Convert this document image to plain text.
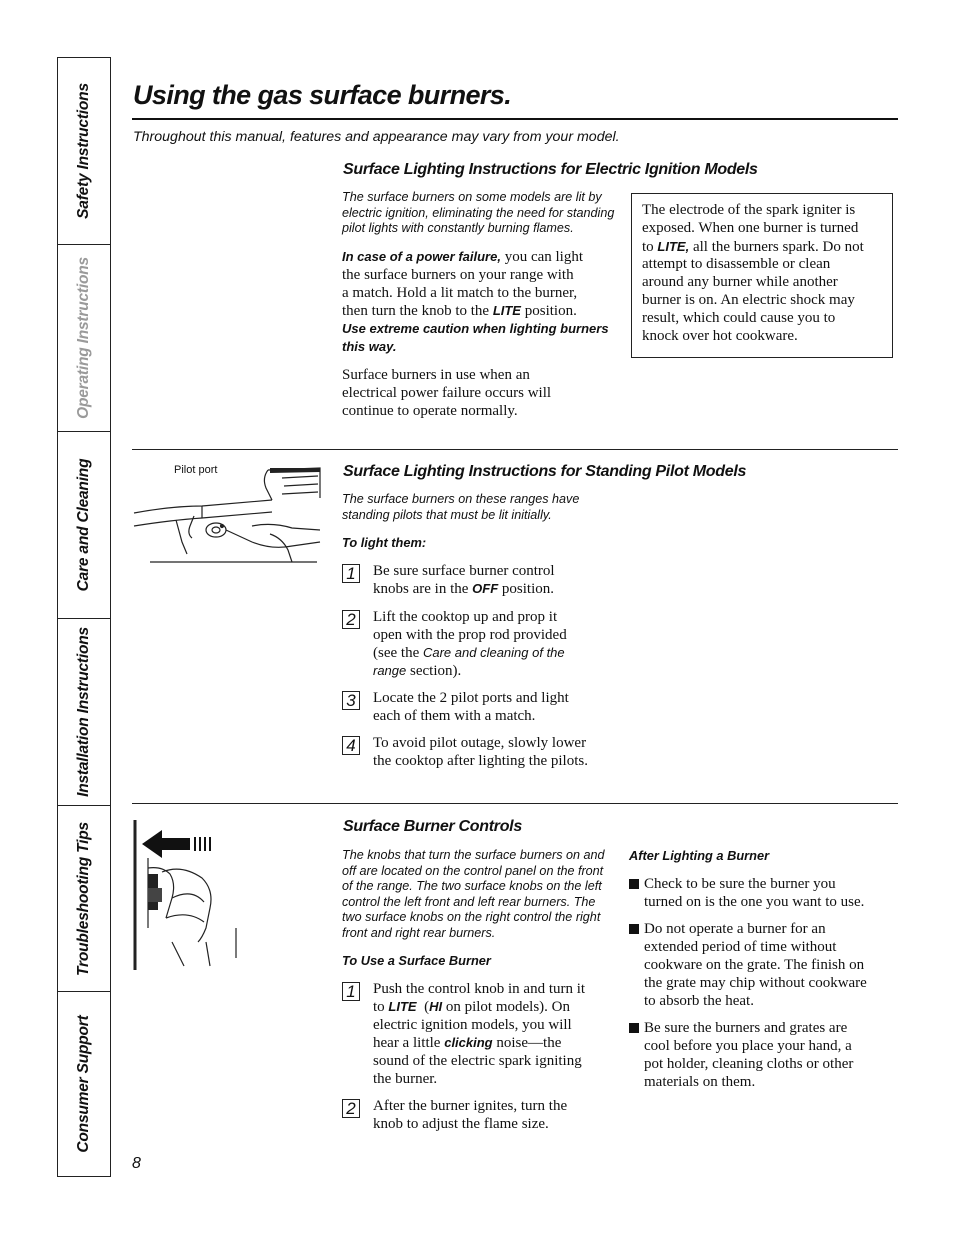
Safety Instructions
Operating Instructions
Care and Cleaning
Installation Instructions
Troubleshooting Tips
Consumer Support
Using the gas surface burners.
Throughout this manual, features and appearance may vary from your model.
Surface Lighting Instructions for Electric Ignition Models
The surface burners on some models are lit by
electric ignition, eliminating the need for standing
pilot lights with constantly burning flames.
In case of a power failure, you can light
the surface burners on your range with
a match. Hold a lit match to the burner,
then turn the knob to the LITE position.
Use extreme caution when lighting burners
this way.
Surface burners in use when an
electrical power failure occurs will
continue to operate normally.
The electrode of the spark igniter is
exposed. When one burner is turned
to LITE, all the burners spark. Do not
attempt to disassemble or clean
around any burner while another
burner is on. An electric shock may
result, which could cause you to
knock over hot cookware.
Pilot port	Surface Lighting Instructions for Standing Pilot Models
The surface burners on these ranges have
standing pilots that must be lit initially.
To light them:
1 Be sure surface burner control
knobs are in the OFF position.
2 Lift the cooktop up and prop it
open with the prop rod provided
(see the Care and cleaning of the
range section).
3 Locate the 2 pilot ports and light
each of them with a match.
4 To avoid pilot outage, slowly lower
the cooktop after lighting the pilots.
Surface Burner Controls
The knobs that turn the surface burners on and
off are located on the control panel on the front
of the range. The two surface knobs on the left
control the left front and left rear burners. The
two surface knobs on the right control the right
front and right rear burners.
To Use a Surface Burner
1 Push the control knob in and turn it
to LITE  (HI on pilot models). On
electric ignition models, you will
hear a little clicking noise—the
sound of the electric spark igniting
the burner.
2 After the burner ignites, turn the
knob to adjust the flame size.
After Lighting a Burner
Check to be sure the burner you
turned on is the one you want to use.
Do not operate a burner for an
extended period of time without
cookware on the grate. The finish on
the grate may chip without cookware
to absorb the heat.
Be sure the burners and grates are
cool before you place your hand, a
pot holder, cleaning cloths or other
materials on them.
8
